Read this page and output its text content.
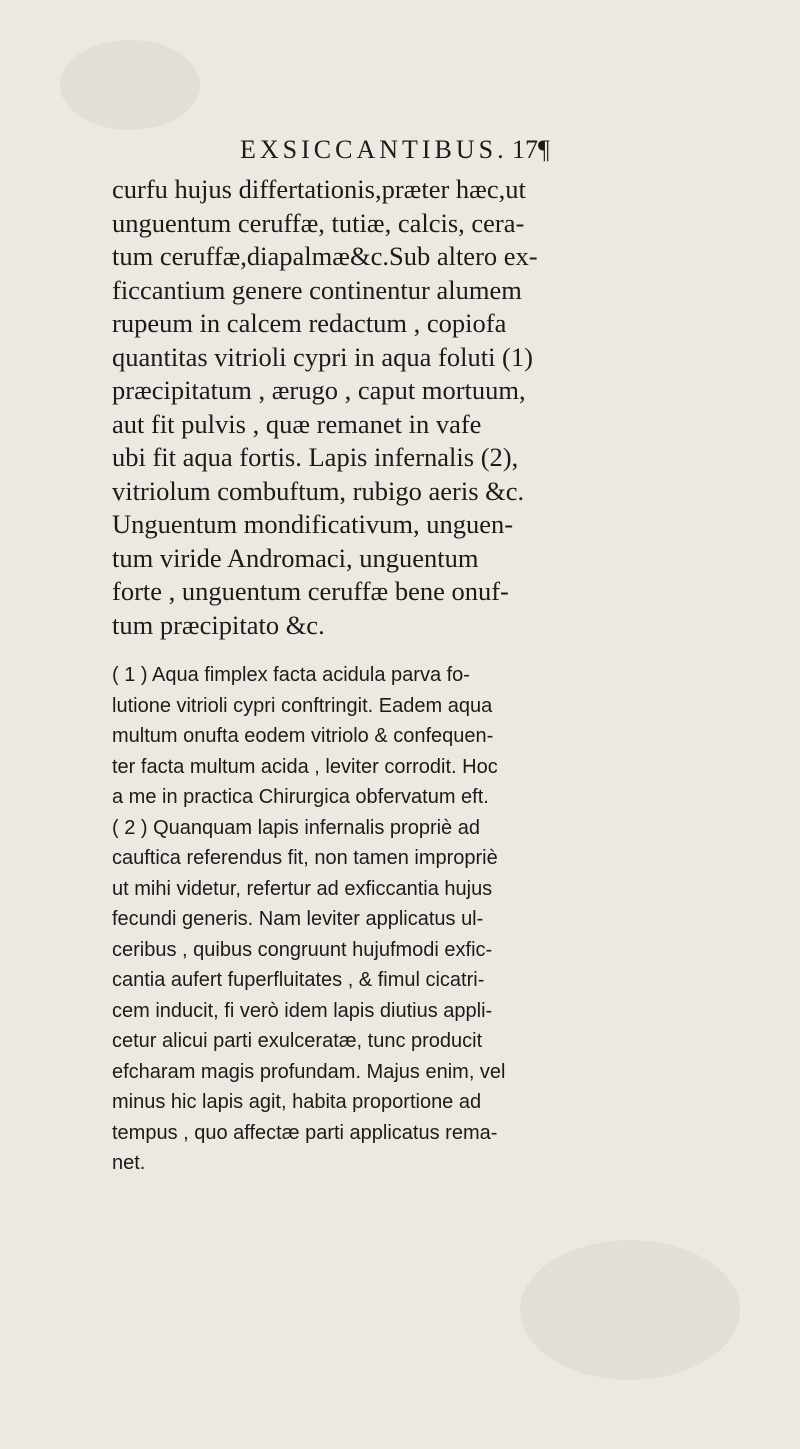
EXSICCANTIBUS. 17¶
curfu hujus differtationis,præter hæc,ut
unguentum ceruffæ, tutiæ, calcis, cera-
tum ceruffæ,diapalmæ&c.Sub altero ex-
ficcantium genere continentur alumem
rupeum in calcem redactum , copiofa
quantitas vitrioli cypri in aqua foluti (1)
præcipitatum , ærugo , caput mortuum,
aut fit pulvis , quæ remanet in vafe
ubi fit aqua fortis. Lapis infernalis (2),
vitriolum combuftum, rubigo aeris &c.
Unguentum mondificativum, unguen-
tum viride Andromaci, unguentum
forte , unguentum ceruffæ bene onuf-
tum præcipitato &c.
( 1 ) Aqua fimplex facta acidula parva fo-
lutione vitrioli cypri conftringit. Eadem aqua
multum onufta eodem vitriolo & confequen-
ter facta multum acida , leviter corrodit. Hoc
a me in practica Chirurgica obfervatum eft.
( 2 ) Quanquam lapis infernalis propriè ad
cauftica referendus fit, non tamen impropriè
ut mihi videtur, refertur ad exficcantia hujus
fecundi generis. Nam leviter applicatus ul-
ceribus , quibus congruunt hujufmodi exfic-
cantia aufert fuperfluitates , & fimul cicatri-
cem inducit, fi verò idem lapis diutius appli-
cetur alicui parti exulceratæ, tunc producit
efcharam magis profundam. Majus enim, vel
minus hic lapis agit, habita proportione ad
tempus , quo affectæ parti applicatus rema-
net.
